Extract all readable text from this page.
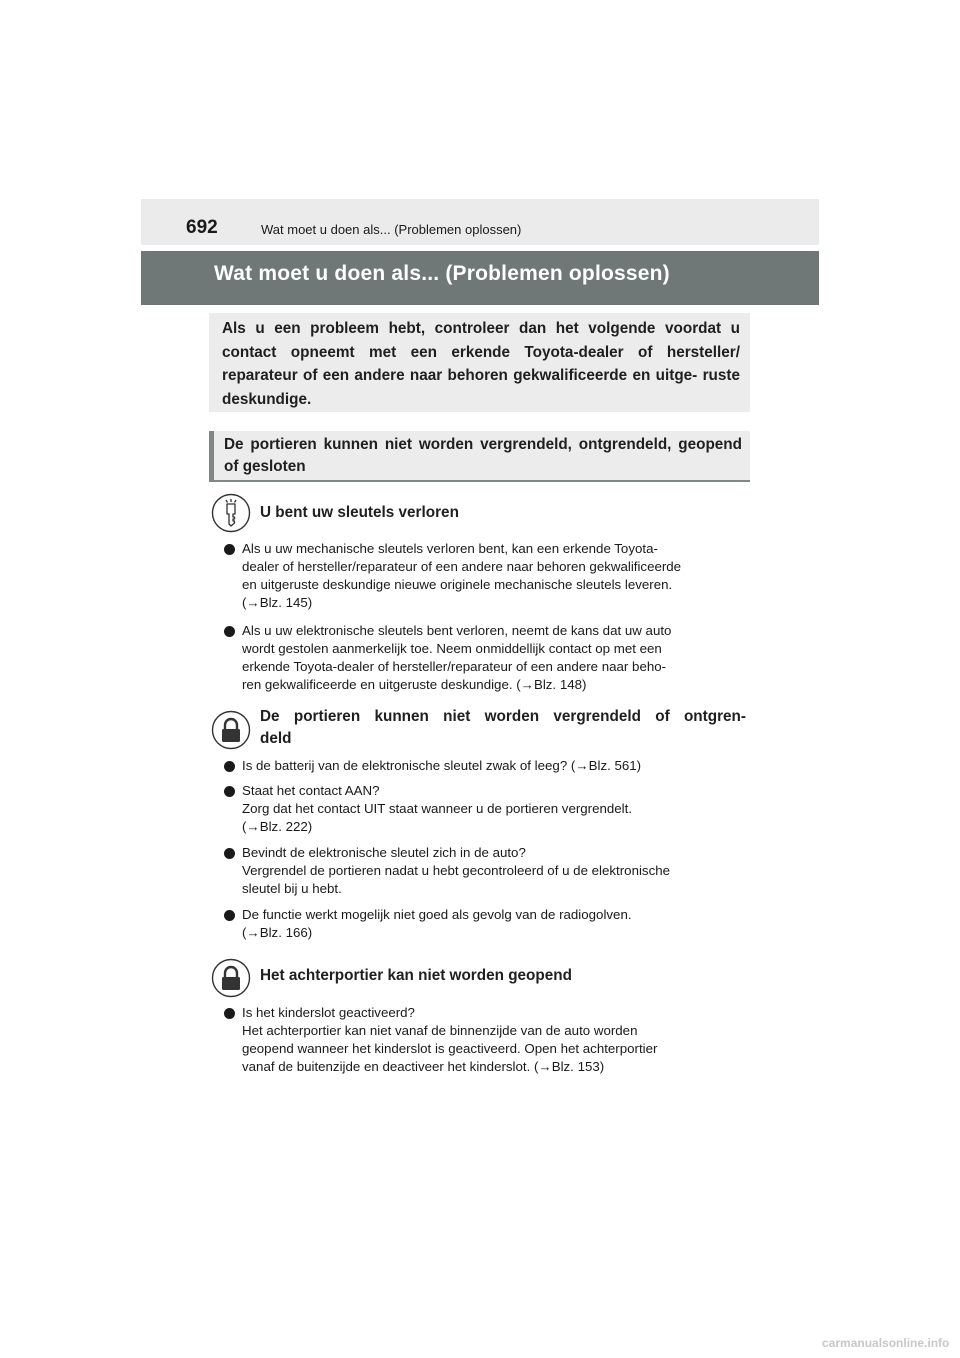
692	Wat moet u doen als... (Problemen oplossen)
Wat moet u doen als... (Problemen oplossen)
Als u een probleem hebt, controleer dan het volgende voordat u contact opneemt met een erkende Toyota-dealer of hersteller/ reparateur of een andere naar behoren gekwalificeerde en uitge- ruste deskundige.
De portieren kunnen niet worden vergrendeld, ontgrendeld, geopend of gesloten
U bent uw sleutels verloren
Als u uw mechanische sleutels verloren bent, kan een erkende Toyota-
dealer of hersteller/reparateur of een andere naar behoren gekwalificeerde
en uitgeruste deskundige nieuwe originele mechanische sleutels leveren.
(→Blz. 145)
Als u uw elektronische sleutels bent verloren, neemt de kans dat uw auto
wordt gestolen aanmerkelijk toe. Neem onmiddellijk contact op met een
erkende Toyota-dealer of hersteller/reparateur of een andere naar beho-
ren gekwalificeerde en uitgeruste deskundige. (→Blz. 148)
De portieren kunnen niet worden vergrendeld of ontgren-
deld
Is de batterij van de elektronische sleutel zwak of leeg? (→Blz. 561)
Staat het contact AAN?
Zorg dat het contact UIT staat wanneer u de portieren vergrendelt.
(→Blz. 222)
Bevindt de elektronische sleutel zich in de auto?
Vergrendel de portieren nadat u hebt gecontroleerd of u de elektronische
sleutel bij u hebt.
De functie werkt mogelijk niet goed als gevolg van de radiogolven.
(→Blz. 166)
Het achterportier kan niet worden geopend
Is het kinderslot geactiveerd?
Het achterportier kan niet vanaf de binnenzijde van de auto worden
geopend wanneer het kinderslot is geactiveerd. Open het achterportier
vanaf de buitenzijde en deactiveer het kinderslot. (→Blz. 153)
carmanualsonline.info
